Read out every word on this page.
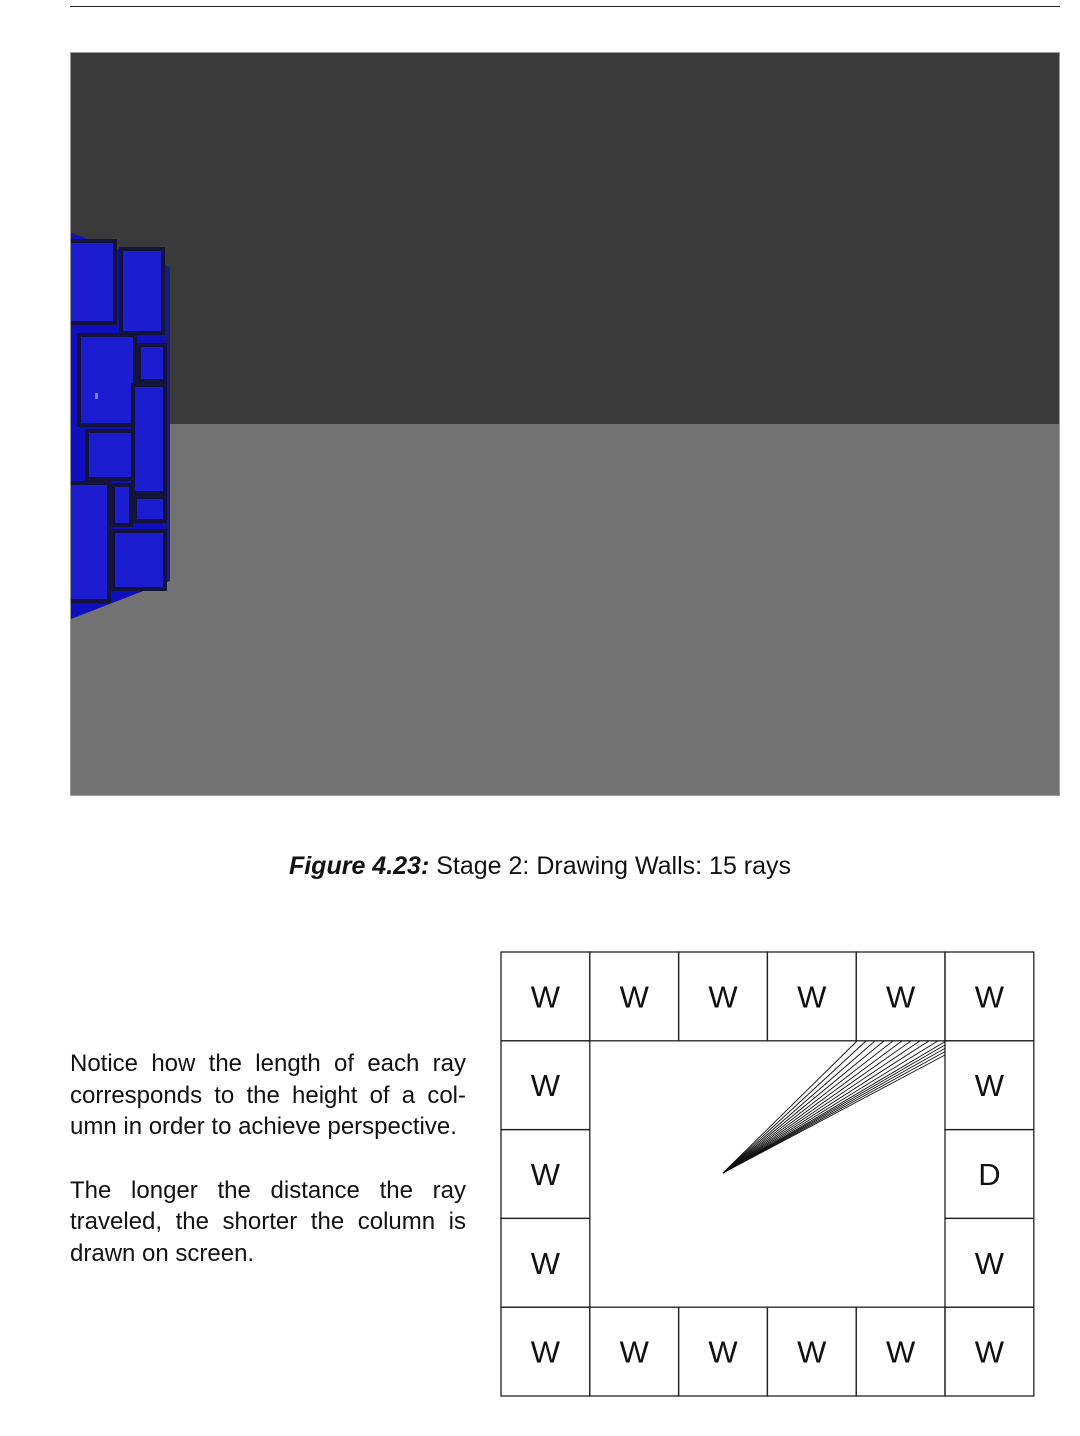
Figure 4.23: Stage 2: Drawing Walls: 15 rays

Notice how the length of each ray corresponds to the height of a column in order to achieve perspective.

The longer the distance the ray traveled, the shorter the column is drawn on screen.

W W W W W W
W	W
W	D
W	W
W W W W W W
